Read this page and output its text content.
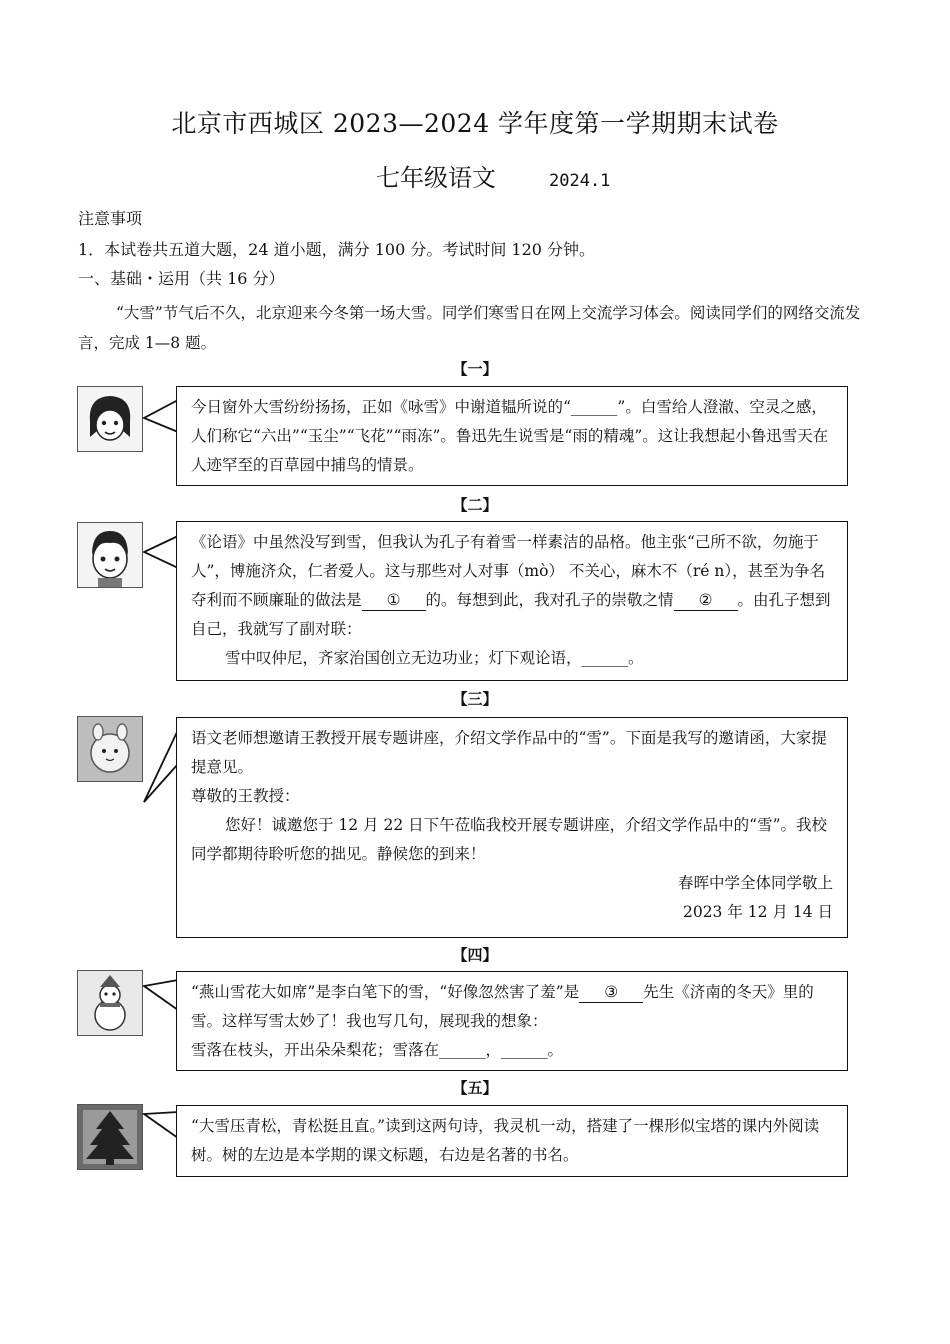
北京市西城区 2023—2024 学年度第一学期期末试卷
七年级语文	2024.1
注意事项
1．本试卷共五道大题，24 道小题，满分 100 分。考试时间 120 分钟。
一、基础・运用（共 16 分）
“大雪”节气后不久，北京迎来今冬第一场大雪。同学们寒雪日在网上交流学习体会。阅读同学们的网络交流发言，完成 1—8 题。
【一】

今日窗外大雪纷纷扬扬，正如《咏雪》中谢道韫所说的“______”。白雪给人澄澈、空灵之感，人们称它“六出”“玉尘”“飞花”“雨冻”。鲁迅先生说雪是“雨的精魂”。这让我想起小鲁迅雪天在人迹罕至的百草园中捕鸟的情景。

【二】

《论语》中虽然没写到雪，但我认为孔子有着雪一样素洁的品格。他主张“己所不欲，勿施于人”，博施济众，仁者爱人。这与那些对人对事（mò） 不关心，麻木不（ré n），甚至为争名夺利而不顾廉耻的做法是 ① 的。每想到此，我对孔子的崇敬之情 ② 。由孔子想到自己，我就写了副对联：

雪中叹仲尼，齐家治国创立无边功业；灯下观论语，______。

【三】

语文老师想邀请王教授开展专题讲座，介绍文学作品中的“雪”。下面是我写的邀请函，大家提提意见。

尊敬的王教授：

您好！诚邀您于 12 月 22 日下午莅临我校开展专题讲座，介绍文学作品中的“雪”。我校同学都期待聆听您的拙见。静候您的到来！

春晖中学全体同学敬上

2023 年 12 月 14 日

【四】

“燕山雪花大如席”是李白笔下的雪，“好像忽然害了羞”是 ③ 先生《济南的冬天》里的雪。这样写雪太妙了！我也写几句，展现我的想象：

雪落在枝头，开出朵朵梨花；雪落在______，______。

【五】

“大雪压青松，青松挺且直。”读到这两句诗，我灵机一动，搭建了一棵形似宝塔的课内外阅读树。树的左边是本学期的课文标题，右边是名著的书名。
